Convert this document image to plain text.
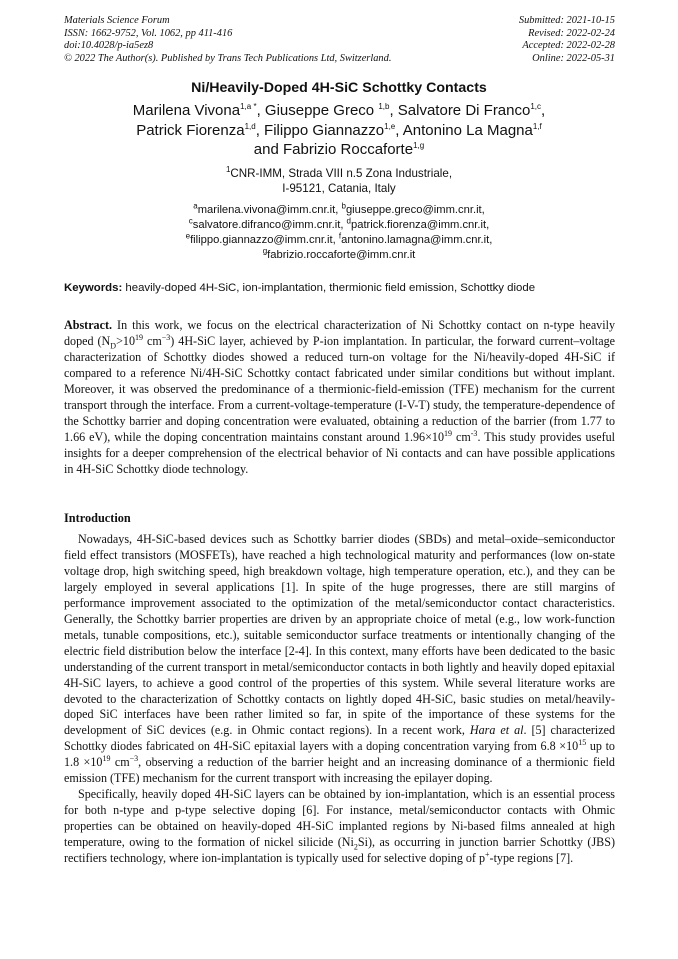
Materials Science Forum
ISSN: 1662-9752, Vol. 1062, pp 411-416
doi:10.4028/p-ia5ez8
© 2022 The Author(s). Published by Trans Tech Publications Ltd, Switzerland.
Submitted: 2021-10-15
Revised: 2022-02-24
Accepted: 2022-02-28
Online: 2022-05-31
Ni/Heavily-Doped 4H-SiC Schottky Contacts
Marilena Vivona$^{1,a *}$, Giuseppe Greco $^{1,b}$, Salvatore Di Franco$^{1,c}$,
Patrick Fiorenza$^{1,d}$, Filippo Giannazzo$^{1,e}$, Antonino La Magna$^{1,f}$
and Fabrizio Roccaforte$^{1,g}$
$^1$CNR-IMM, Strada VIII n.5 Zona Industriale,
I-95121, Catania, Italy
$^a$marilena.vivona@imm.cnr.it, $^b$giuseppe.greco@imm.cnr.it,
$^c$salvatore.difranco@imm.cnr.it, $^d$patrick.fiorenza@imm.cnr.it,
$^e$filippo.giannazzo@imm.cnr.it, $^f$antonino.lamagna@imm.cnr.it,
$^g$fabrizio.roccaforte@imm.cnr.it
Keywords: heavily-doped 4H-SiC, ion-implantation, thermionic field emission, Schottky diode
Abstract. In this work, we focus on the electrical characterization of Ni Schottky contact on n-type heavily doped ($N_D>10^{19}$ $cm^{-3}$) 4H-SiC layer, achieved by P-ion implantation. In particular, the forward current–voltage characterization of Schottky diodes showed a reduced turn-on voltage for the Ni/heavily-doped 4H-SiC if compared to a reference Ni/4H-SiC Schottky contact fabricated under similar conditions but without implant. Moreover, it was observed the predominance of a thermionic-field-emission (TFE) mechanism for the current transport through the interface. From a current-voltage-temperature (I-V-T) study, the temperature-dependence of the Schottky barrier and doping concentration were evaluated, obtaining a reduction of the barrier (from 1.77 to 1.66 eV), while the doping concentration maintains constant around $1.96\times 10^{19}$ $cm^{-3}$. This study provides useful insights for a deeper comprehension of the electrical behavior of Ni contacts and can have possible applications in 4H-SiC Schottky diode technology.
Introduction

Nowadays, 4H-SiC-based devices such as Schottky barrier diodes (SBDs) and metal–oxide–semiconductor field effect transistors (MOSFETs), have reached a high technological maturity and performances (low on-state voltage drop, high switching speed, high breakdown voltage, high temperature operation, etc.), and they can be largely employed in several applications [1]. In spite of the huge progresses, there are still margins of performance improvement associated to the optimization of the metal/semiconductor contact characteristics. Generally, the Schottky barrier properties are driven by an appropriate choice of metal (e.g., low work-function metals, tunable compositions, etc.), suitable semiconductor surface treatments or intentionally changing of the electric field distribution below the interface [2-4]. In this context, many efforts have been dedicated to the basic understanding of the current transport in metal/semiconductor contacts in both lightly and heavily doped epitaxial 4H-SiC layers, to achieve a good control of the properties of this system. While several literature works are devoted to the characterization of Schottky contacts on lightly doped 4H-SiC, basic studies on metal/heavily-doped SiC interfaces have been rather limited so far, in spite of the importance of these systems for the development of SiC devices (e.g. in Ohmic contact regions). In a recent work, Hara et al. [5] characterized Schottky diodes fabricated on 4H-SiC epitaxial layers with a doping concentration varying from $6.8 \times 10^{15}$ up to $1.8 \times 10^{19}$ $cm^{-3}$, observing a reduction of the barrier height and an increasing dominance of a thermionic field emission (TFE) mechanism for the current transport with increasing the epilayer doping.

Specifically, heavily doped 4H-SiC layers can be obtained by ion-implantation, which is an essential process for both n-type and p-type selective doping [6]. For instance, metal/semiconductor contacts with Ohmic properties can be obtained on heavily-doped 4H-SiC implanted regions by Ni-based films annealed at high temperature, owing to the formation of nickel silicide $(Ni_2Si)$, as occurring in junction barrier Schottky (JBS) rectifiers technology, where ion-implantation is typically used for selective doping of p+-type regions [7].
